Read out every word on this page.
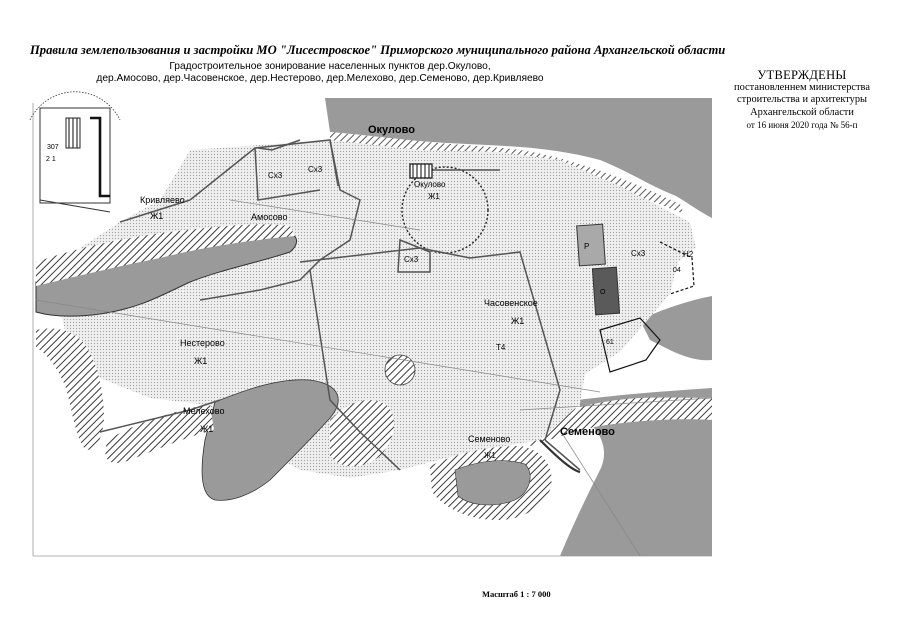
Правила землепользования и застройки МО "Лисестровское" Приморского муниципального района Архангельской области
Градостроительное зонирование населенных пунктов дер.Окулово,
дер.Амосово, дер.Часовенское, дер.Нестерово, дер.Мелехово, дер.Семеново, дер.Кривляево	УТВЕРЖДЕНЫ
постановленнем министерства
строительства и архитектуры
Архангельской области
от 16 июня 2020 года № 56-п
Окулово
Окулово
Кривляево
Ж1	Амосово
Сх3
Сх3
Сх3
Сх3
Ж1
Часовенское
Ж1
Т4
Нестерово
Ж1
Мелехово
Ж1
Семеново
Ж1
Семеново
Н2
Р
О
307
2 1
04
61
Масштаб 1 : 7 000
